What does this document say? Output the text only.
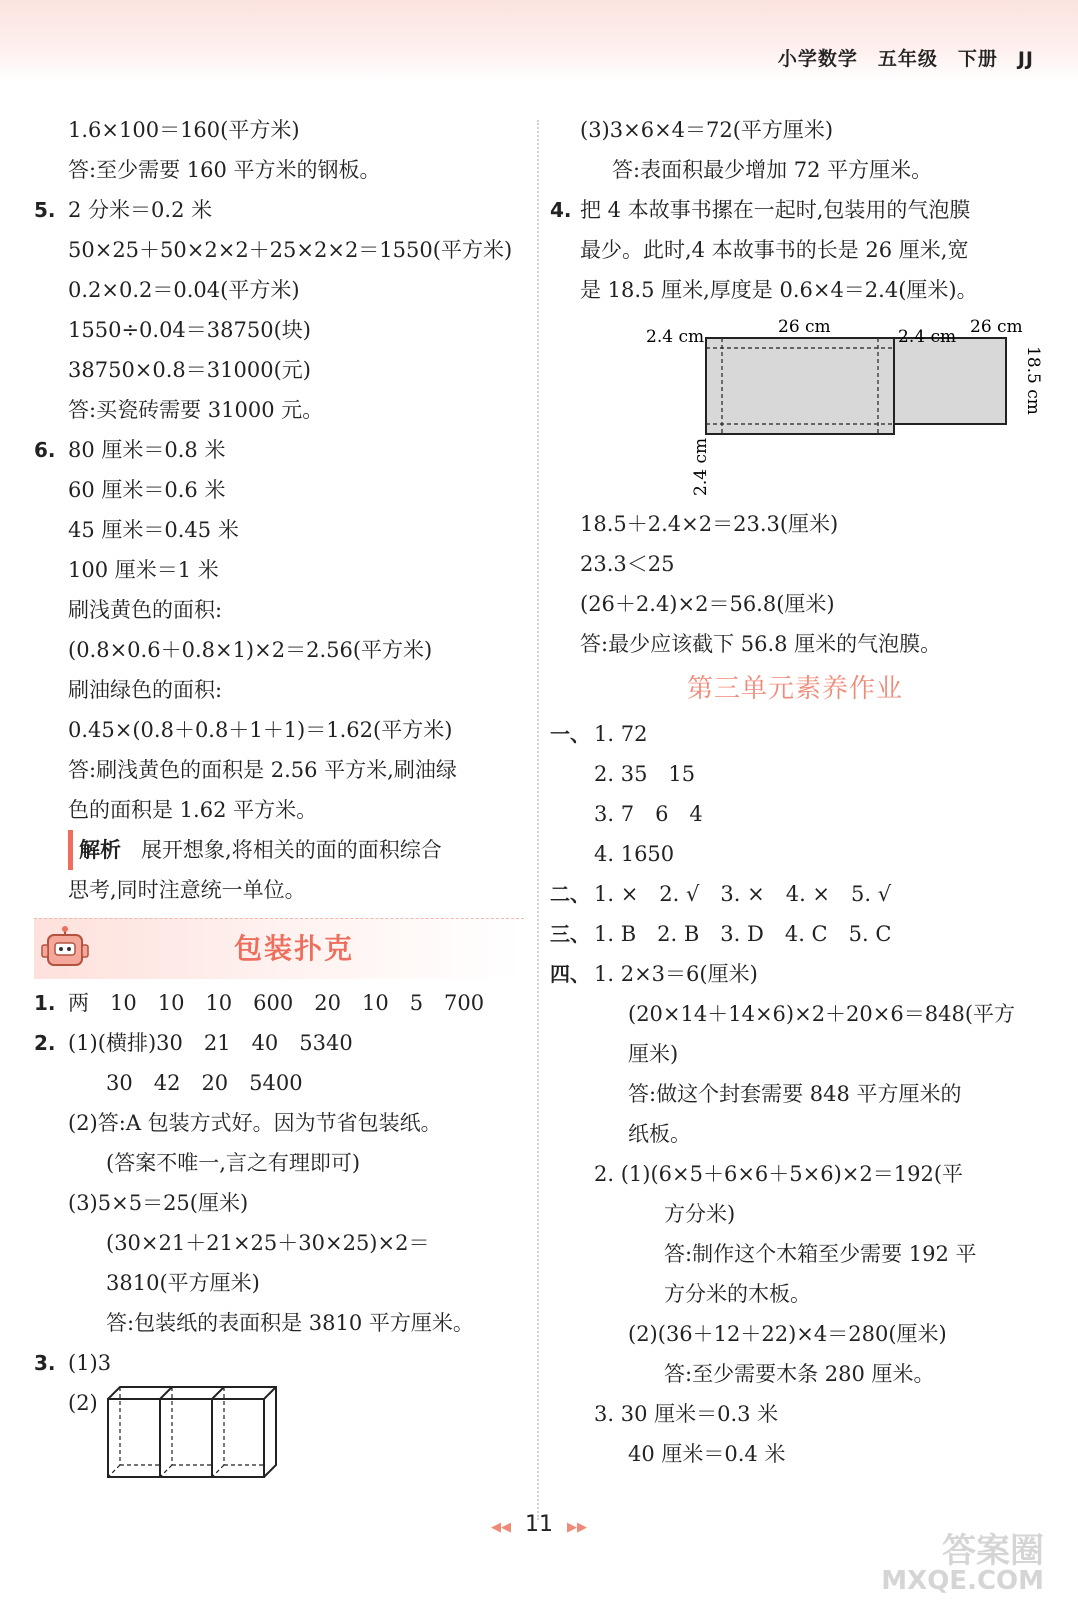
小学数学 五年级 下册 JJ
1.6×100＝160(平方米)
答:至少需要 160 平方米的钢板。
5. 2 分米＝0.2 米
50×25＋50×2×2＋25×2×2＝1550(平方米)
0.2×0.2＝0.04(平方米)
1550÷0.04＝38750(块)
38750×0.8＝31000(元)
答:买瓷砖需要 31000 元。
6. 80 厘米＝0.8 米
60 厘米＝0.6 米
45 厘米＝0.45 米
100 厘米＝1 米
刷浅黄色的面积:
(0.8×0.6＋0.8×1)×2＝2.56(平方米)
刷油绿色的面积:
0.45×(0.8＋0.8＋1＋1)＝1.62(平方米)
答:刷浅黄色的面积是 2.56 平方米,刷油绿
色的面积是 1.62 平方米。
解析 展开想象,将相关的面的面积综合
思考,同时注意统一单位。
包装扑克
1. 两　10　10　10　600　20　10　5　700
2. (1)(横排)30　21　40　5340
30　42　20　5400
(2)答:A 包装方式好。因为节省包装纸。
(答案不唯一,言之有理即可)
(3)5×5＝25(厘米)
(30×21＋21×25＋30×25)×2＝
3810(平方厘米)
答:包装纸的表面积是 3810 平方厘米。
3. (1)3
(2)
(3)3×6×4＝72(平方厘米)
答:表面积最少增加 72 平方厘米。
4. 把 4 本故事书摞在一起时,包装用的气泡膜
最少。此时,4 本故事书的长是 26 厘米,宽
是 18.5 厘米,厚度是 0.6×4＝2.4(厘米)。
2.4 cm	26 cm	2.4 cm 26 cm
18.5 cm
2.4 cm
18.5＋2.4×2＝23.3(厘米)
23.3＜25
(26＋2.4)×2＝56.8(厘米)
答:最少应该截下 56.8 厘米的气泡膜。
第三单元素养作业
一、 1. 72
2. 35　15
3. 7　6　4
4. 1650
二、 1. ×　2. √　3. ×　4. ×　5. √
三、 1. B　2. B　3. D　4. C　5. C
四、 1. 2×3＝6(厘米)
(20×14＋14×6)×2＋20×6＝848(平方
厘米)
答:做这个封套需要 848 平方厘米的
纸板。
2. (1)(6×5＋6×6＋5×6)×2＝192(平
方分米)
答:制作这个木箱至少需要 192 平
方分米的木板。
(2)(36＋12＋22)×4＝280(厘米)
答:至少需要木条 280 厘米。
3. 30 厘米＝0.3 米
40 厘米＝0.4 米
◀◀ 11 ▶▶
答案圈
MXQE.COM
